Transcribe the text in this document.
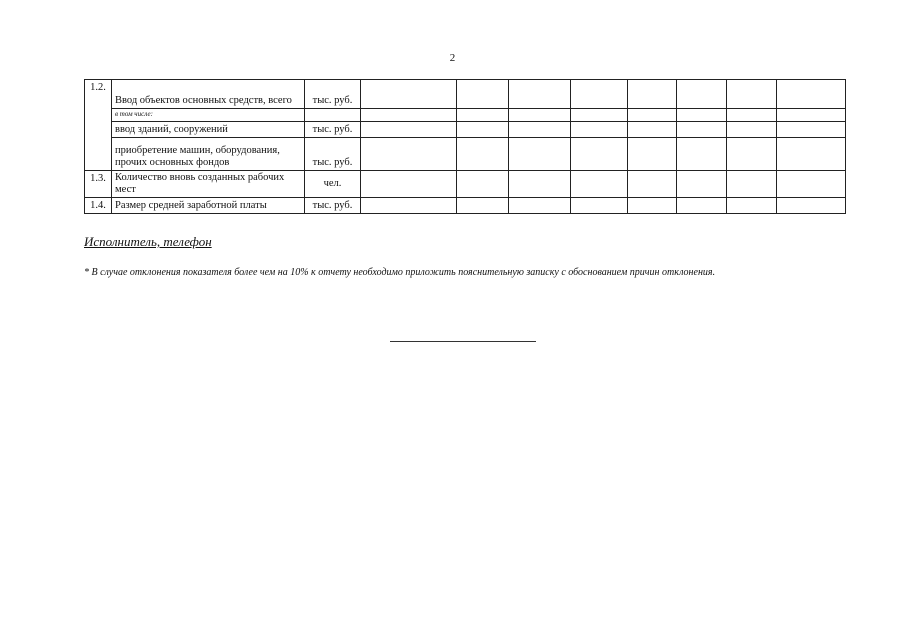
2
1.2.	Ввод объектов основных средств, всего	тыс. руб.									
	в том числе:										
	ввод зданий, сооружений	тыс. руб.									
	приобретение машин, оборудования, прочих основных фондов	тыс. руб.									
1.3.	Количество вновь созданных рабочих мест	чел.									
1.4.	Размер средней заработной платы	тыс. руб.									
Исполнитель, телефон
* В случае отклонения показателя более чем на 10% к отчету необходимо приложить пояснительную записку с обоснованием причин отклонения.
